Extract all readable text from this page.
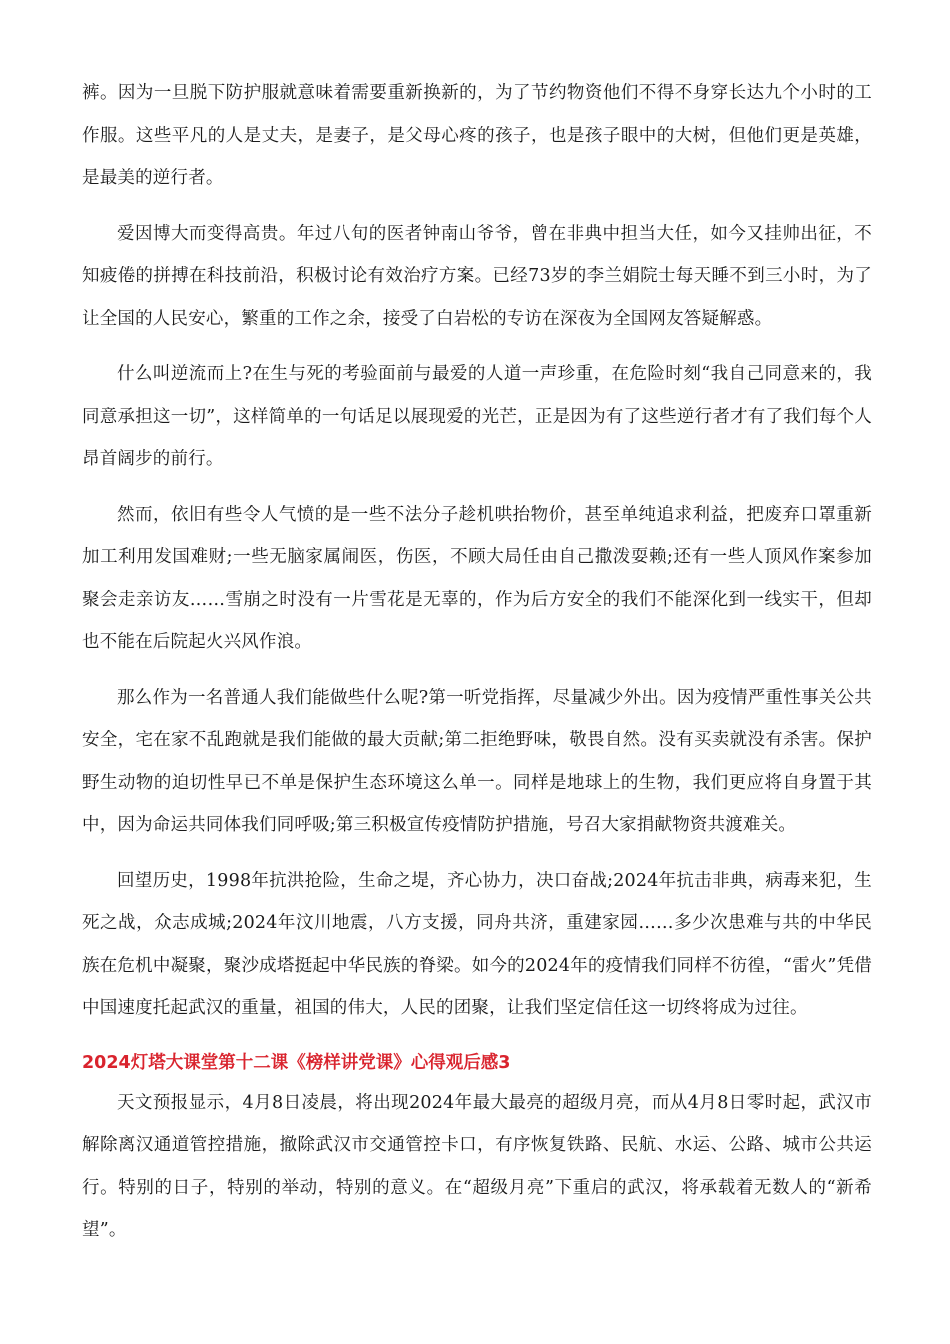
裤。因为一旦脱下防护服就意味着需要重新换新的，为了节约物资他们不得不身穿长达九个小时的工作服。这些平凡的人是丈夫，是妻子，是父母心疼的孩子，也是孩子眼中的大树，但他们更是英雄，是最美的逆行者。

爱因博大而变得高贵。年过八旬的医者钟南山爷爷，曾在非典中担当大任，如今又挂帅出征，不知疲倦的拼搏在科技前沿，积极讨论有效治疗方案。已经73岁的李兰娟院士每天睡不到三小时，为了让全国的人民安心，繁重的工作之余，接受了白岩松的专访在深夜为全国网友答疑解惑。

什么叫逆流而上?在生与死的考验面前与最爱的人道一声珍重，在危险时刻“我自己同意来的，我同意承担这一切”，这样简单的一句话足以展现爱的光芒，正是因为有了这些逆行者才有了我们每个人昂首阔步的前行。

然而，依旧有些令人气愤的是一些不法分子趁机哄抬物价，甚至单纯追求利益，把废弃口罩重新加工利用发国难财;一些无脑家属闹医，伤医，不顾大局任由自己撒泼耍赖;还有一些人顶风作案参加聚会走亲访友……雪崩之时没有一片雪花是无辜的，作为后方安全的我们不能深化到一线实干，但却也不能在后院起火兴风作浪。

那么作为一名普通人我们能做些什么呢?第一听党指挥，尽量减少外出。因为疫情严重性事关公共安全，宅在家不乱跑就是我们能做的最大贡献;第二拒绝野味，敬畏自然。没有买卖就没有杀害。保护野生动物的迫切性早已不单是保护生态环境这么单一。同样是地球上的生物，我们更应将自身置于其中，因为命运共同体我们同呼吸;第三积极宣传疫情防护措施，号召大家捐献物资共渡难关。

回望历史，1998年抗洪抢险，生命之堤，齐心协力，决口奋战;2024年抗击非典，病毒来犯，生死之战，众志成城;2024年汶川地震，八方支援，同舟共济，重建家园……多少次患难与共的中华民族在危机中凝聚，聚沙成塔挺起中华民族的脊梁。如今的2024年的疫情我们同样不彷徨，“雷火”凭借中国速度托起武汉的重量，祖国的伟大，人民的团聚，让我们坚定信任这一切终将成为过往。

2024灯塔大课堂第十二课《榜样讲党课》心得观后感3

天文预报显示，4月8日凌晨，将出现2024年最大最亮的超级月亮，而从4月8日零时起，武汉市解除离汉通道管控措施，撤除武汉市交通管控卡口，有序恢复铁路、民航、水运、公路、城市公共运行。特别的日子，特别的举动，特别的意义。在“超级月亮”下重启的武汉，将承载着无数人的“新希望”。
